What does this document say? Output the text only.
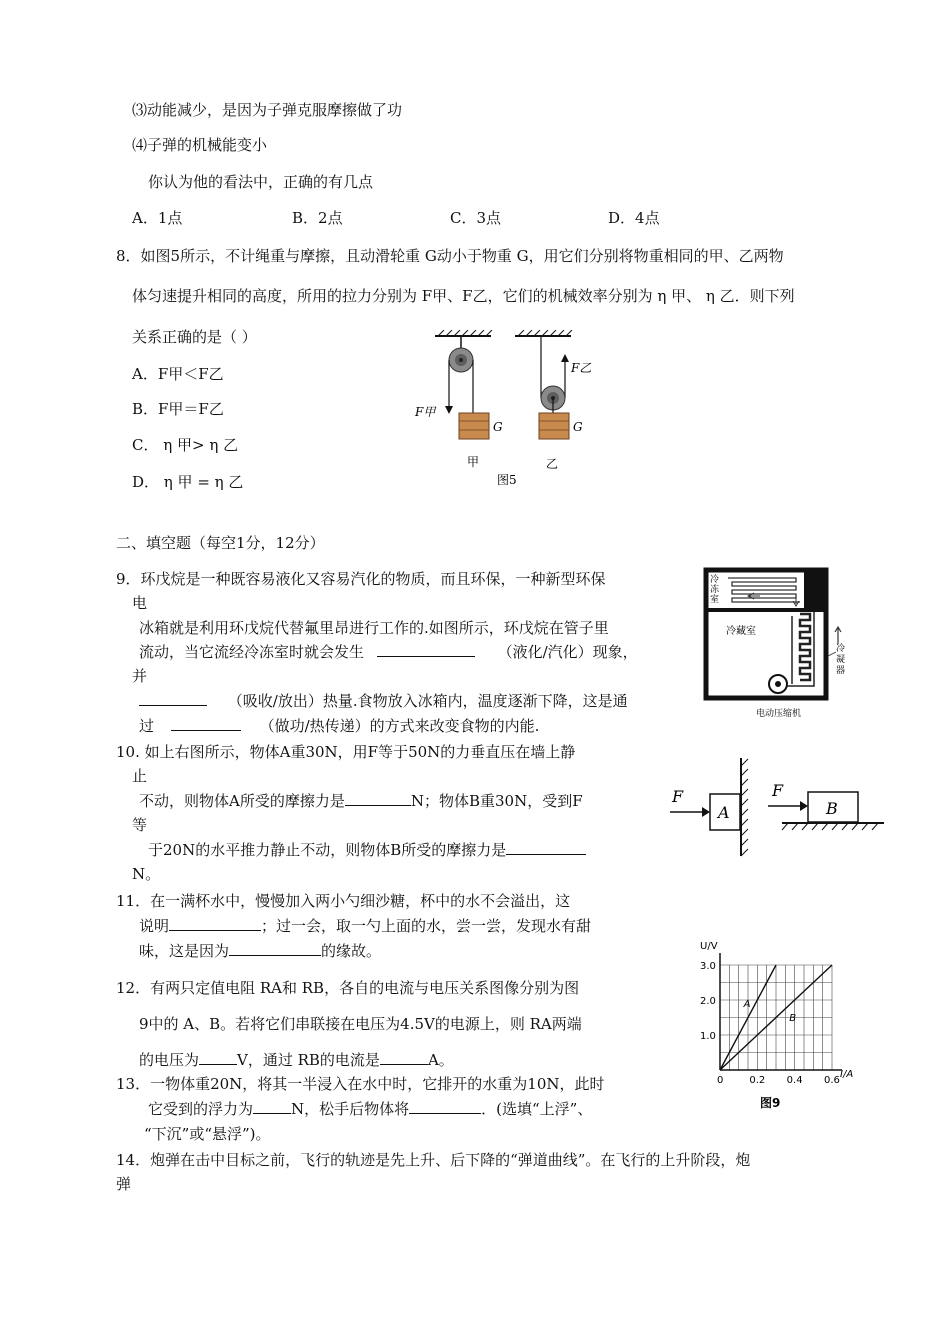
⑶动能减少，是因为子弹克服摩擦做了功
⑷子弹的机械能变小
你认为他的看法中，正确的有几点
A．1点	B．2点	C．3点	D．4点
8．如图5所示，不计绳重与摩擦，且动滑轮重 G动小于物重 G，用它们分别将物重相同的甲、乙两物
体匀速提升相同的高度，所用的拉力分别为 F甲、F乙，它们的机械效率分别为 η 甲、 η 乙．则下列
关系正确的是（ ）
A．F甲＜F乙
B．F甲＝F乙
C． η 甲> η 乙
D． η 甲 = η 乙
F甲
G
甲
F乙
G
乙
图5
二、填空题（每空1分，12分）
9．环戊烷是一种既容易液化又容易汽化的物质，而且环保，一种新型环保
电
冰箱就是利用环戊烷代替氟里昂进行工作的.如图所示，环戊烷在管子里
流动，当它流经冷冻室时就会发生	（液化/汽化）现象，
并
（吸收/放出）热量.食物放入冰箱内，温度逐渐下降，这是通
过	（做功/热传递）的方式来改变食物的内能.
冷
冻
室
冷藏室
冷
凝
器
电动压缩机
10. 如上右图所示，物体A重30N，用F等于50N的力垂直压在墙上静
止
不动，则物体A所受的摩擦力是	N；物体B重30N，受到F
等
于20N的水平推力静止不动，则物体B所受的摩擦力是
N。
F
A
F
B
11．在一满杯水中，慢慢加入两小勺细沙糖，杯中的水不会溢出，这
说明	；过一会，取一勺上面的水，尝一尝，发现水有甜
味，这是因为	的缘故。
12．有两只定值电阻 RA和 RB，各自的电流与电压关系图像分别为图
9中的 A、B。若将它们串联接在电压为4.5V的电源上，则 RA两端
的电压为	V，通过 RB的电流是	A。
A
B
0	0.2 0.4 0.6
1.0
2.0
3.0
U/V
I/A
图9
13．一物体重20N，将其一半浸入在水中时，它排开的水重为10N，此时
它受到的浮力为	N，松手后物体将	．(选填“上浮”、
“下沉”或“悬浮”)。
14．炮弹在击中目标之前，飞行的轨迹是先上升、后下降的“弹道曲线”。在飞行的上升阶段，炮
弹
